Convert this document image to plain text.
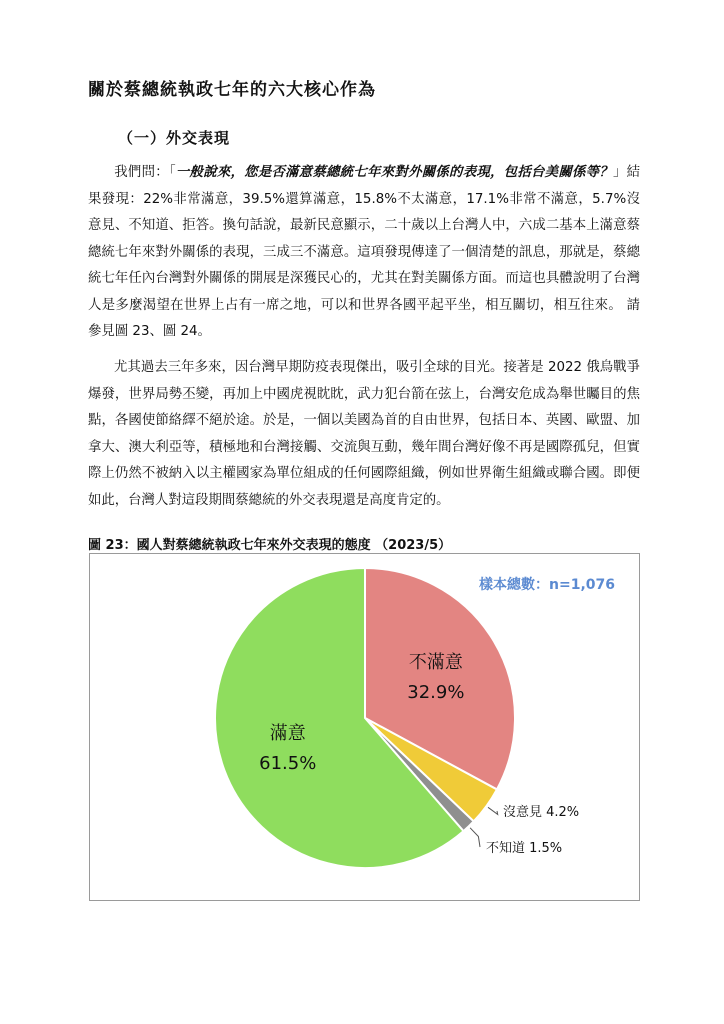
關於蔡總統執政七年的六大核心作為
（一）外交表現

我們問：「一般說來，您是否滿意蔡總統七年來對外關係的表現，包括台美關係等？」結果發現：22%非常滿意，39.5%還算滿意，15.8%不太滿意，17.1%非常不滿意，5.7%沒意見、不知道、拒答。換句話說，最新民意顯示，二十歲以上台灣人中，六成二基本上滿意蔡總統七年來對外關係的表現，三成三不滿意。這項發現傳達了一個清楚的訊息，那就是，蔡總統七年任內台灣對外關係的開展是深獲民心的，尤其在對美關係方面。而這也具體說明了台灣人是多麼渴望在世界上占有一席之地，可以和世界各國平起平坐，相互關切，相互往來。 請參見圖 23、圖 24。

尤其過去三年多來，因台灣早期防疫表現傑出，吸引全球的目光。接著是 2022 俄烏戰爭爆發，世界局勢丕變，再加上中國虎視眈眈，武力犯台箭在弦上，台灣安危成為舉世矚目的焦點，各國使節絡繹不絕於途。於是，一個以美國為首的自由世界，包括日本、英國、歐盟、加拿大、澳大利亞等，積極地和台灣接觸、交流與互動，幾年間台灣好像不再是國際孤兒，但實際上仍然不被納入以主權國家為單位組成的任何國際組織，例如世界衛生組織或聯合國。即便如此，台灣人對這段期間蔡總統的外交表現還是高度肯定的。

圖 23：國人對蔡總統執政七年來外交表現的態度 （2023/5）

樣本總數：n=1,076
不滿意
32.9%
滿意
61.5%
沒意見 4.2%
不知道 1.5%
